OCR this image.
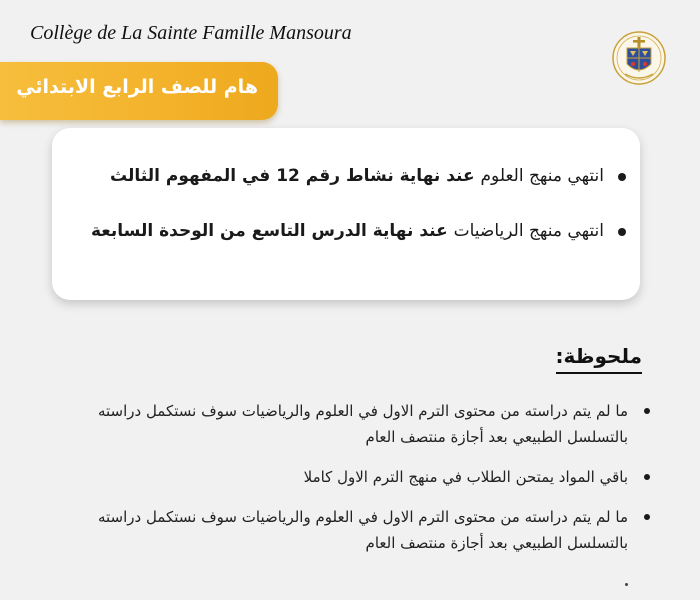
Collège de La Sainte Famille Mansoura
هام للصف الرابع الابتدائي
انتهي منهج العلوم عند نهاية نشاط رقم 12 في المفهوم الثالث
انتهي منهج الرياضيات عند نهاية الدرس التاسع من الوحدة السابعة
ملحوظة:
ما لم يتم دراسته من محتوى الترم الاول في العلوم والرياضيات سوف نستكمل دراسته بالتسلسل الطبيعي بعد أجازة منتصف العام
باقي المواد يمتحن الطلاب في منهج الترم الاول كاملا
ما لم يتم دراسته من محتوى الترم الاول في العلوم والرياضيات سوف نستكمل دراسته بالتسلسل الطبيعي بعد أجازة منتصف العام
